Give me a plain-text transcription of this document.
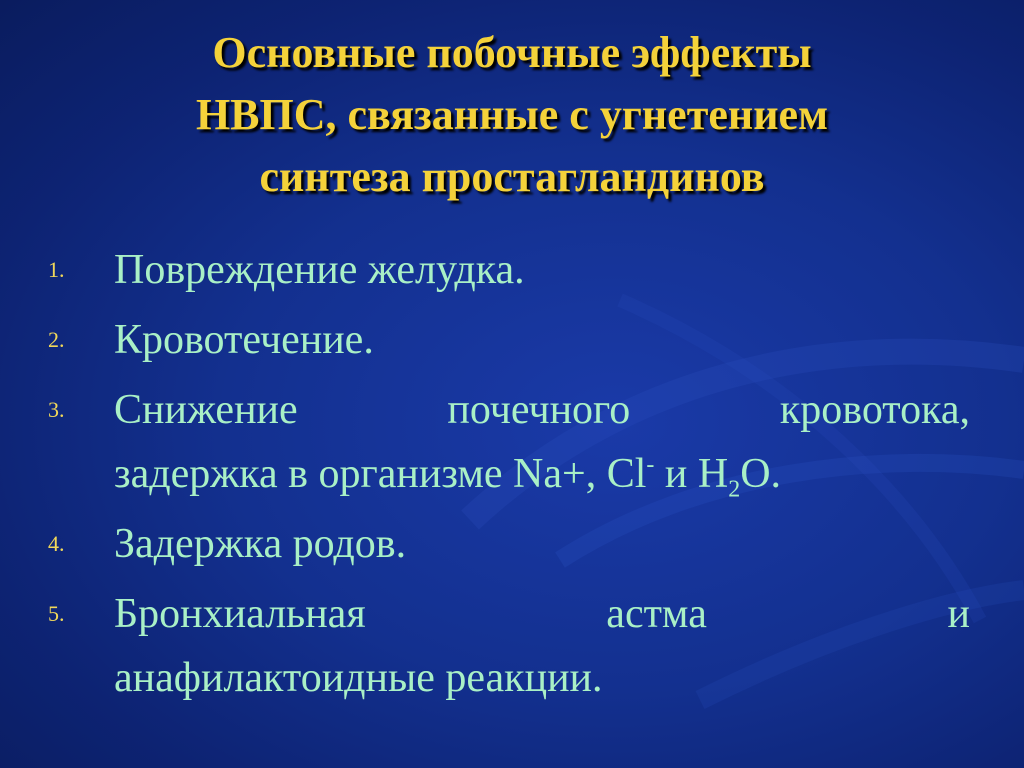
Основные побочные эффекты
НВПС, связанные с угнетением
синтеза простагландинов
1. Повреждение желудка.
2. Кровотечение.
3. Снижение	почечного	кровотока,
задержка в организме Na+, Cl- и $H_2O$.
4. Задержка родов.
5. Бронхиальная	астма	и
анафилактоидные реакции.
